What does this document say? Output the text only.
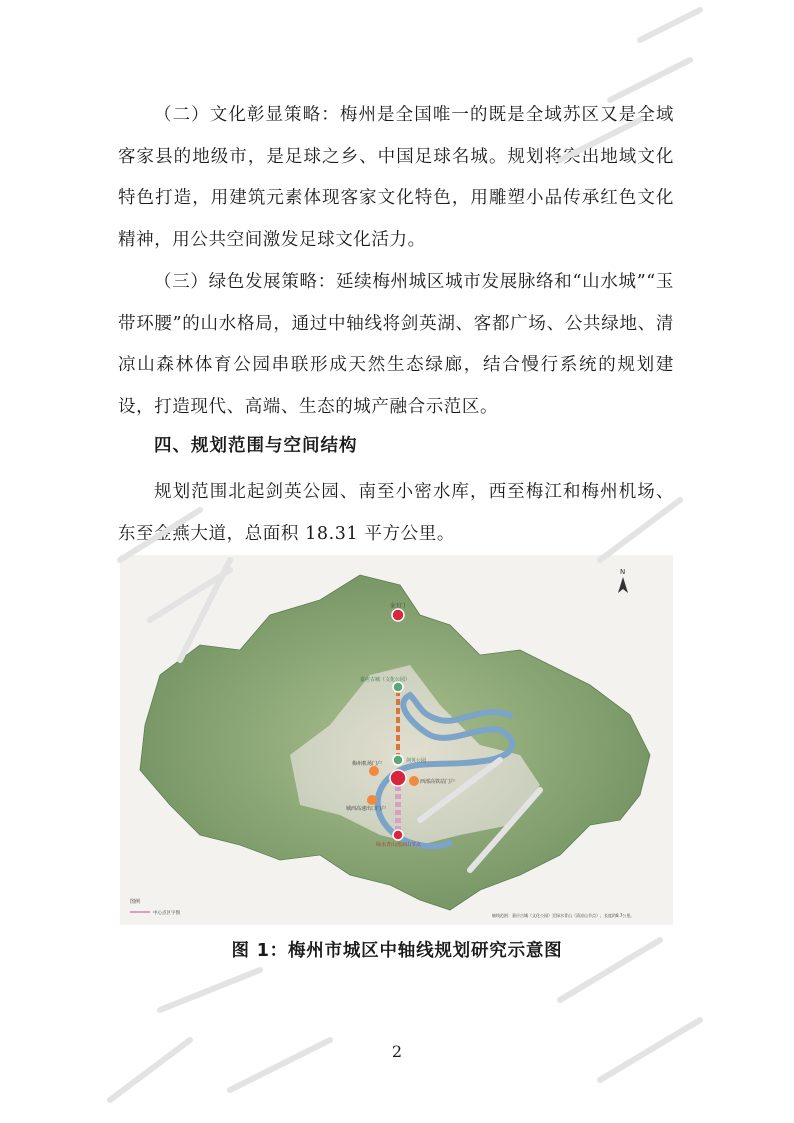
（二）文化彰显策略：梅州是全国唯一的既是全域苏区又是全域客家县的地级市，是足球之乡、中国足球名城。规划将突出地域文化特色打造，用建筑元素体现客家文化特色，用雕塑小品传承红色文化精神，用公共空间激发足球文化活力。

（三）绿色发展策略：延续梅州城区城市发展脉络和“山水城”“玉带环腰”的山水格局，通过中轴线将剑英湖、客都广场、公共绿地、清凉山森林体育公园串联形成天然生态绿廊，结合慢行系统的规划建设，打造现代、高端、生态的城产融合示范区。

四、规划范围与空间结构

规划范围北起剑英公园、南至小密水库，西至梅江和梅州机场、东至金燕大道，总面积 18.31 平方公里。

金玉门
嘉应古城（文化公园）
剑英公园
梅州机场门户
西部高铁站门户
城西高速出口门户
绿水青山清凉山节点
N
图例
中心点区字图	轴线范围：嘉应古城（文化公园）至绿水青山（清凉山节点），长度约8.7公里。

图 1：梅州市城区中轴线规划研究示意图

2
